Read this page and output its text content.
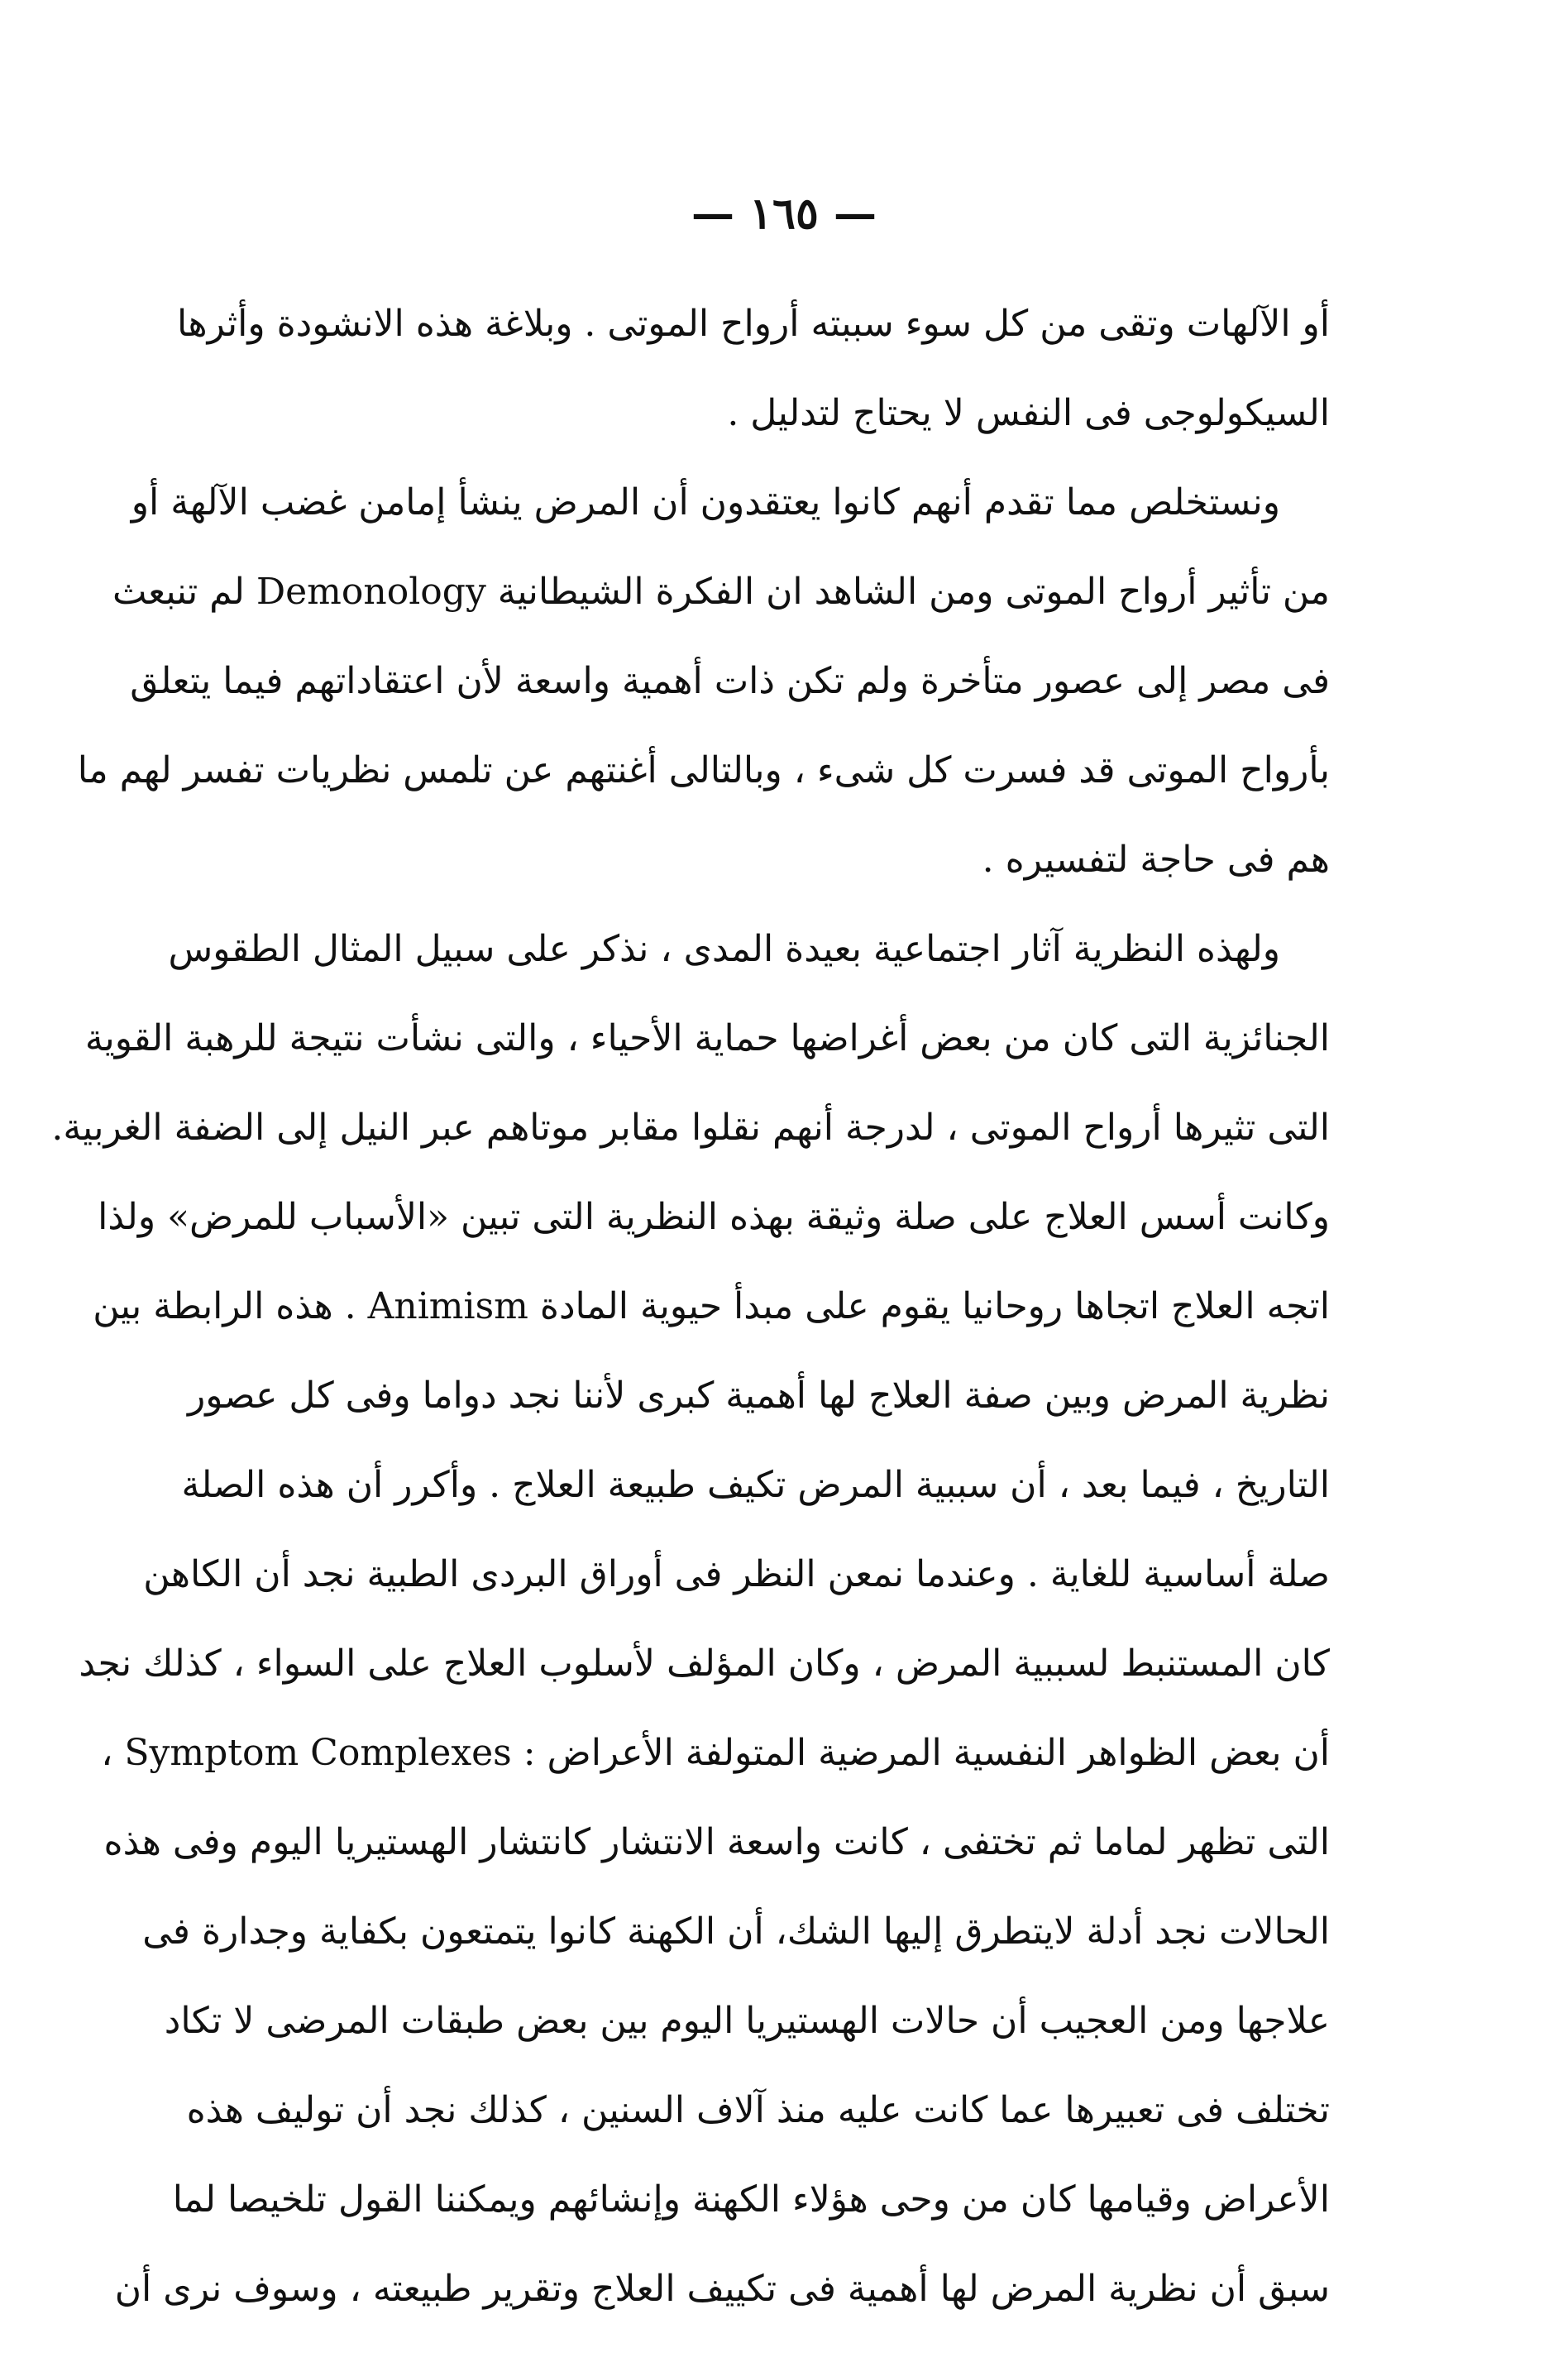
— ١٦٥ —
أو الآلهات وتقى من كل سوء سببته أرواح الموتى . وبلاغة هذه الانشودة وأثرها
السيكولوجى فى النفس لا يحتاج لتدليل .
ونستخلص مما تقدم أنهم كانوا يعتقدون أن المرض ينشأ إمامن غضب الآلهة أو
من تأثير أرواح الموتى ومن الشاهد ان الفكرة الشيطانية Demonology لم تنبعث
فى مصر إلى عصور متأخرة ولم تكن ذات أهمية واسعة لأن اعتقاداتهم فيما يتعلق
بأرواح الموتى قد فسرت كل شىء ، وبالتالى أغنتهم عن تلمس نظريات تفسر لهم ما
هم فى حاجة لتفسيره .
ولهذه النظرية آثار اجتماعية بعيدة المدى ، نذكر على سبيل المثال الطقوس
الجنائزية التى كان من بعض أغراضها حماية الأحياء ، والتى نشأت نتيجة للرهبة القوية
التى تثيرها أرواح الموتى ، لدرجة أنهم نقلوا مقابر موتاهم عبر النيل إلى الضفة الغربية.
وكانت أسس العلاج على صلة وثيقة بهذه النظرية التى تبين «الأسباب للمرض» ولذا
اتجه العلاج اتجاها روحانيا يقوم على مبدأ حيوية المادة Animism . هذه الرابطة بين
نظرية المرض وبين صفة العلاج لها أهمية كبرى لأننا نجد دواما وفى كل عصور
التاريخ ، فيما بعد ، أن سببية المرض تكيف طبيعة العلاج . وأكرر أن هذه الصلة
صلة أساسية للغاية . وعندما نمعن النظر فى أوراق البردى الطبية نجد أن الكاهن
كان المستنبط لسببية المرض ، وكان المؤلف لأسلوب العلاج على السواء ، كذلك نجد
أن بعض الظواهر النفسية المرضية المتولفة الأعراض : Symptom Complexes ،
التى تظهر لماما ثم تختفى ، كانت واسعة الانتشار كانتشار الهستيريا اليوم وفى هذه
الحالات نجد أدلة لايتطرق إليها الشك، أن الكهنة كانوا يتمتعون بكفاية وجدارة فى
علاجها ومن العجيب أن حالات الهستيريا اليوم بين بعض طبقات المرضى لا تكاد
تختلف فى تعبيرها عما كانت عليه منذ آلاف السنين ، كذلك نجد أن توليف هذه
الأعراض وقيامها كان من وحى هؤلاء الكهنة وإنشائهم ويمكننا القول تلخيصا لما
سبق أن نظرية المرض لها أهمية فى تكييف العلاج وتقرير طبيعته ، وسوف نرى أن
